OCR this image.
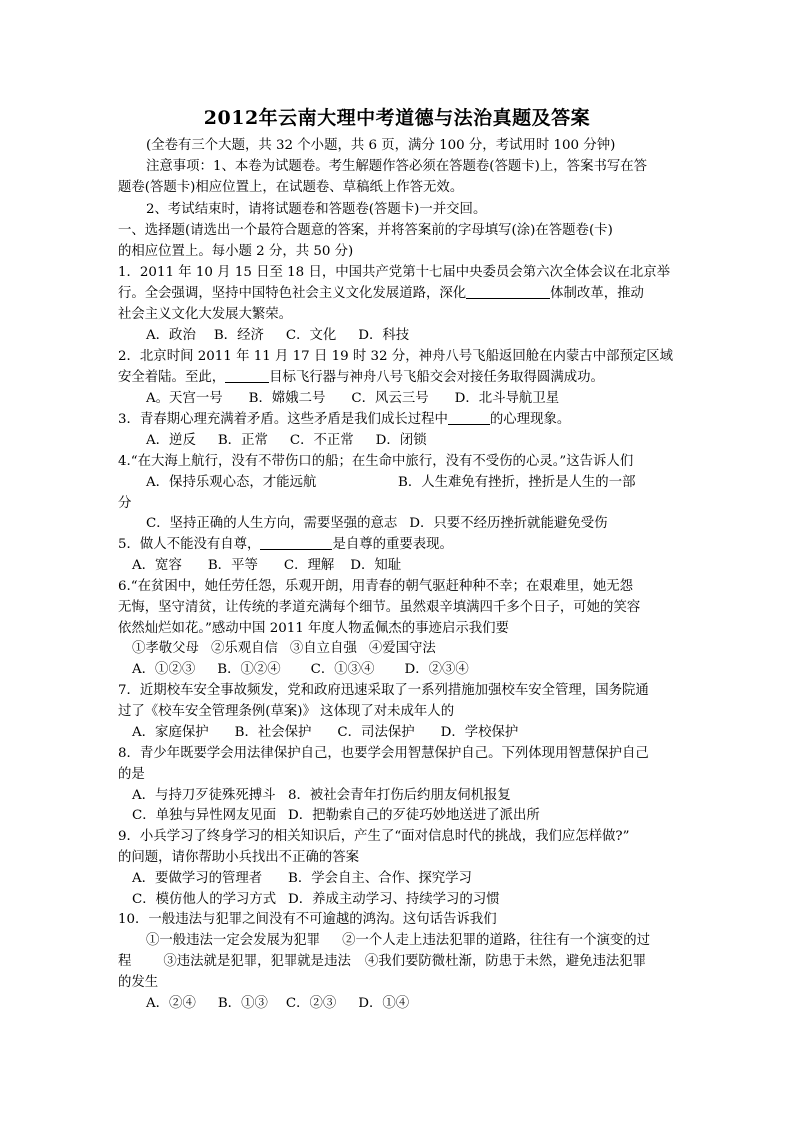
2012年云南大理中考道德与法治真题及答案
(全卷有三个大题，共 32 个小题，共 6 页，满分 100 分，考试用时 100 分钟)
注意事项：1、本卷为试题卷。考生解题作答必须在答题卷(答题卡)上，答案书写在答
题卷(答题卡)相应位置上，在试题卷、草稿纸上作答无效。
2、考试结束时，请将试题卷和答题卷(答题卡)一并交回。
一、选择题(请选出一个最符合题意的答案，并将答案前的字母填写(涂)在答题卷(卡)
的相应位置上。每小题 2 分，共 50 分)
1．2011 年 10 月 15 日至 18 日，中国共产党第十七届中央委员会第六次全体会议在北京举
行。全会强调，坚持中国特色社会主义文化发展道路，深化	体制改革，推动
社会主义文化大发展大繁荣。
A．政治 B．经济 C．文化 D．科技
2．北京时间 2011 年 11 月 17 日 19 时 32 分，神舟八号飞船返回舱在内蒙古中部预定区域
安全着陆。至此，	目标飞行器与神舟八号飞船交会对接任务取得圆满成功。
A。天宫一号 B．嫦娥二号 C．风云三号 D．北斗导航卫星
3．青春期心理充满着矛盾。这些矛盾是我们成长过程中	的心理现象。
A．逆反 B．正常 C．不正常 D．闭锁
4.“在大海上航行，没有不带伤口的船；在生命中旅行，没有不受伤的心灵。”这告诉人们
A．保持乐观心态，才能远航	B．人生难免有挫折，挫折是人生的一部
分
C．坚持正确的人生方向，需要坚强的意志 D．只要不经历挫折就能避免受伤
5．做人不能没有自尊，	是自尊的重要表现。
A．宽容 B．平等 C．理解 D．知耻
6.“在贫困中，她任劳任怨，乐观开朗，用青春的朝气驱赶种种不幸；在艰难里，她无怨
无悔，坚守清贫，让传统的孝道充满每个细节。虽然艰辛填满四千多个日子，可她的笑容
依然灿烂如花。”感动中国 2011 年度人物孟佩杰的事迹启示我们要
①孝敬父母 ②乐观自信 ③自立自强 ④爱国守法
A．①②③ B．①②④ C．①③④ D．②③④
7．近期校车安全事故频发，党和政府迅速采取了一系列措施加强校车安全管理，国务院通
过了《校车安全管理条例(草案)》 这体现了对未成年人的
A．家庭保护 B．社会保护 C．司法保护 D．学校保护
8．青少年既要学会用法律保护自己，也要学会用智慧保护自己。下列体现用智慧保护自己
的是
A．与持刀歹徒殊死搏斗 8．被社会青年打伤后约朋友伺机报复
C．单独与异性网友见面 D．把勒索自己的歹徒巧妙地送进了派出所
9．小兵学习了终身学习的相关知识后，产生了“面对信息时代的挑战，我们应怎样做?”
的问题，请你帮助小兵找出不正确的答案
A．要做学习的管理者	B．学会自主、合作、探究学习
C．模仿他人的学习方式 D．养成主动学习、持续学习的习惯
10．一般违法与犯罪之间没有不可逾越的鸿沟。这句话告诉我们
①一般违法一定会发展为犯罪 ②一个人走上违法犯罪的道路，往往有一个演变的过
程 ③违法就是犯罪，犯罪就是违法 ④我们要防微杜渐，防患于未然，避免违法犯罪
的发生
A．②④ B．①③ C．②③ D．①④
